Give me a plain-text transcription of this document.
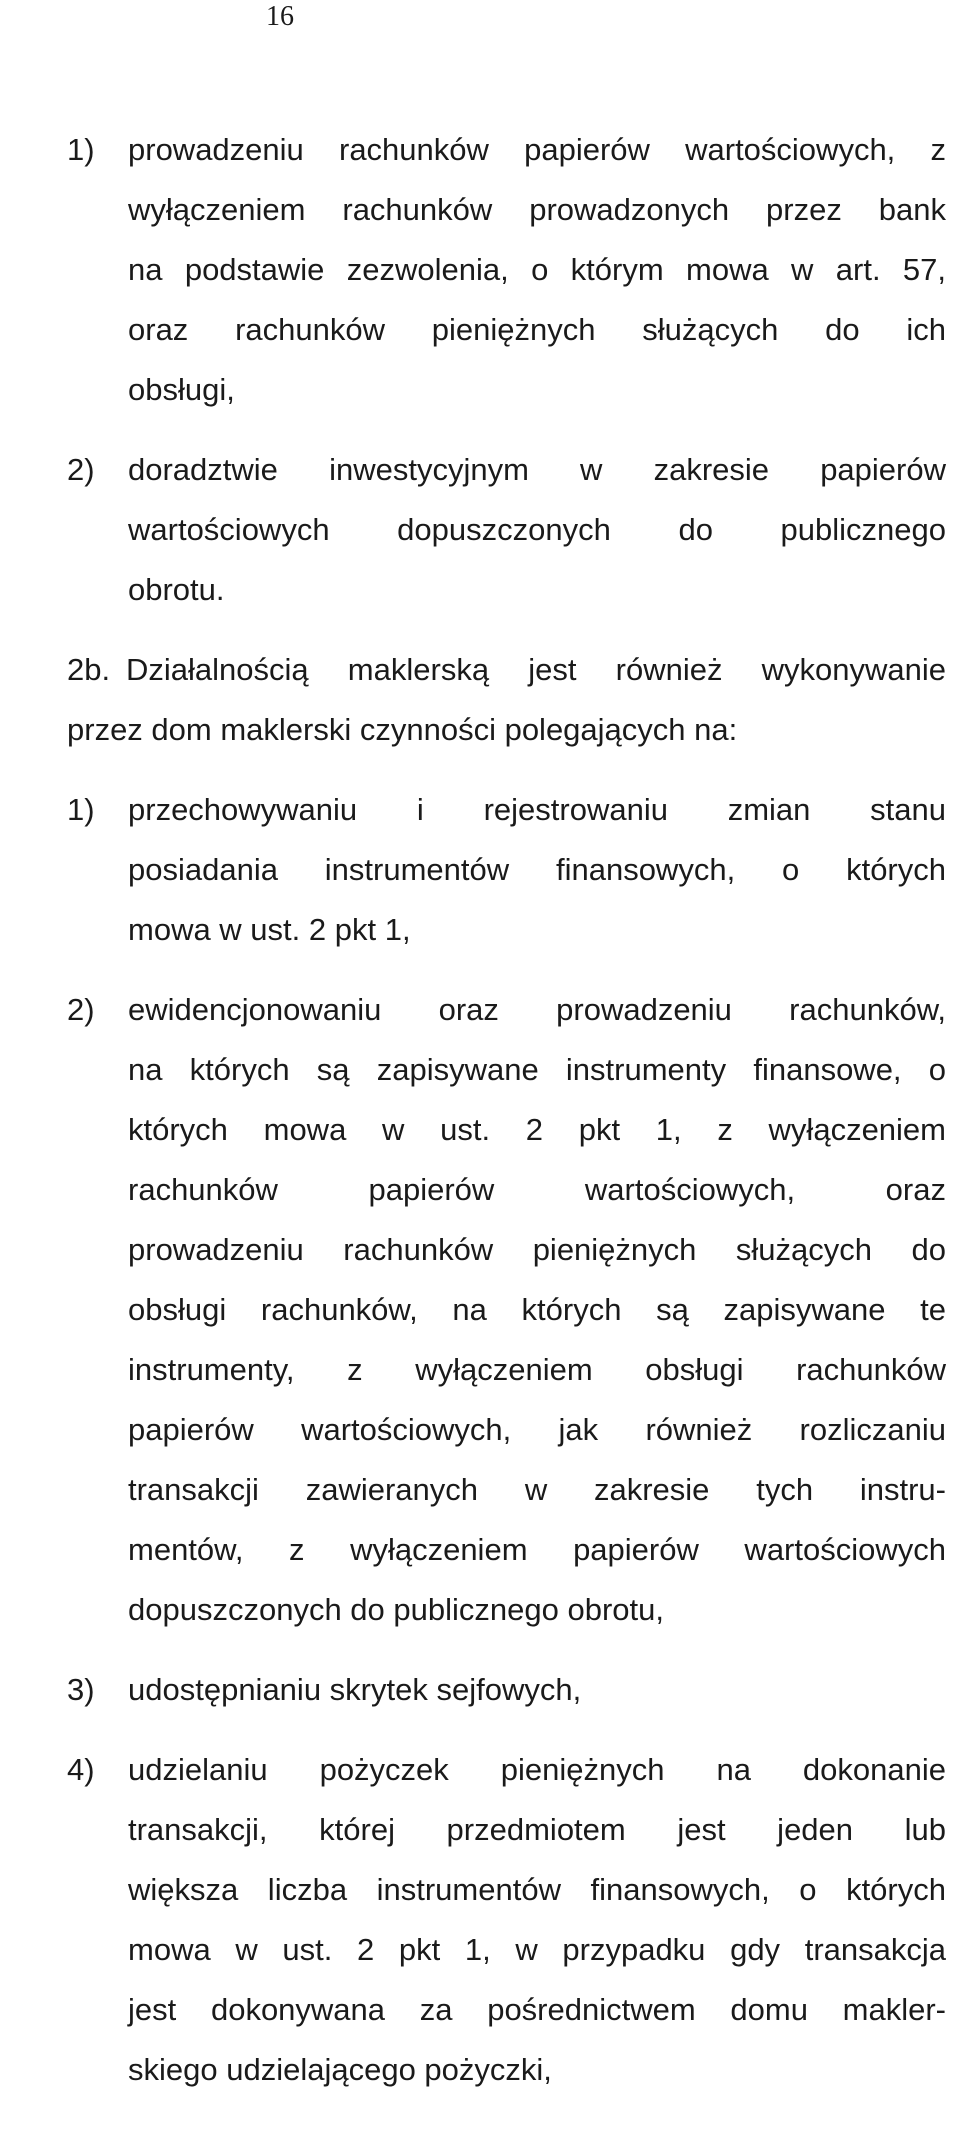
16
1) prowadzeniu rachunków papierów wartościowych, z
wyłączeniem rachunków prowadzonych przez bank
na podstawie zezwolenia, o którym mowa w art. 57,
oraz rachunków pieniężnych służących do ich
obsługi,
2) doradztwie inwestycyjnym w zakresie papierów
wartościowych dopuszczonych do publicznego
obrotu.
2b. Działalnością maklerską jest również wykonywanie
przez dom maklerski czynności polegających na:
1) przechowywaniu i rejestrowaniu zmian stanu
posiadania instrumentów finansowych, o których
mowa w ust. 2 pkt 1,
2) ewidencjonowaniu oraz prowadzeniu rachunków,
na których są zapisywane instrumenty finansowe, o
których mowa w ust. 2 pkt 1, z wyłączeniem
rachunków papierów wartościowych, oraz
prowadzeniu rachunków pieniężnych służących do
obsługi rachunków, na których są zapisywane te
instrumenty, z wyłączeniem obsługi rachunków
papierów wartościowych, jak również rozliczaniu
transakcji zawieranych w zakresie tych instru-
mentów, z wyłączeniem papierów wartościowych
dopuszczonych do publicznego obrotu,
3) udostępnianiu skrytek sejfowych,
4) udzielaniu pożyczek pieniężnych na dokonanie
transakcji, której przedmiotem jest jeden lub
większa liczba instrumentów finansowych, o których
mowa w ust. 2 pkt 1, w przypadku gdy transakcja
jest dokonywana za pośrednictwem domu makler-
skiego udzielającego pożyczki,
